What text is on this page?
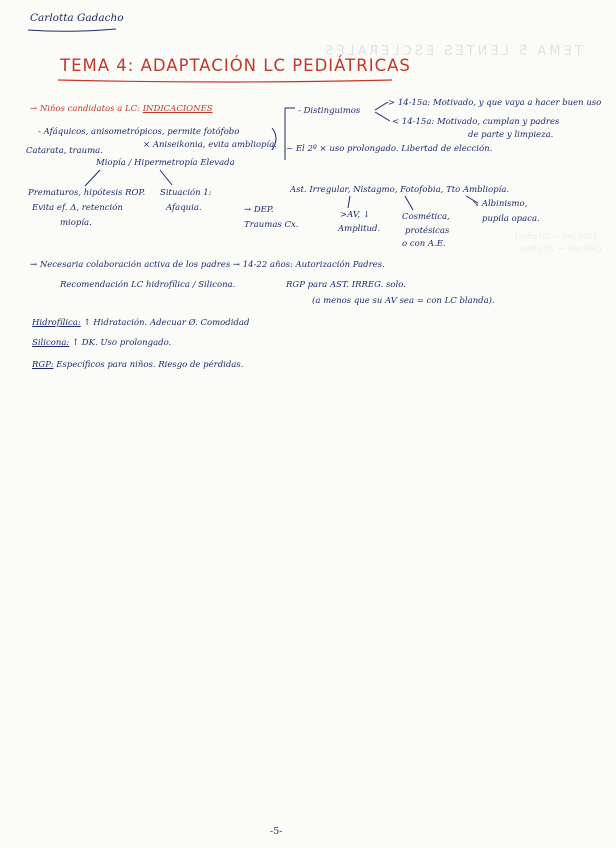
TEMA 5 LENTES ESCLERALES
(300 µm — 20 años)
(300 µm — 20 años)
Carlotta Gadacho
TEMA 4: ADAPTACIÓN LC PEDIÁTRICAS
→ Niños candidatos a LC: INDICACIONES
- Afáquicos, anisometrópicos, permite fotófobo
Catarata, trauma.
× Aniseikonia, evita ambliopía.
Miopía / Hipermetropía Elevada
Prematuros, hipótesis ROP.
Evita ef. Δ, retención
miopía.
Situación 1:
Afaquia.	→ DEP.
Traumas Cx.
Ast. Irregular, Nistagmo, Fotofobia, Tto Ambliopía.
>AV, ↓
Amplitud.
Cosmética,
protésicas
o con A.E.
↘ Albinismo,
pupila opaca.
- Distinguimos
> 14-15a: Motivado, y que vaya a hacer buen uso
< 14-15a: Motivado, cumplan y padres
de parte y limpieza.
~ El 2º × uso prolongado. Libertad de elección.
→ Necesaria colaboración activa de los padres → 14-22 años: Autorización Padres.
Recomendación LC hidrofílica / Silicona.	RGP para AST. IRREG. solo.
(a menos que su AV sea = con LC blanda).
Hidrofílica: ↑ Hidratación. Adecuar Ø. Comodidad
Silicona: ↑ DK. Uso prolongado.
RGP: Específicos para niños. Riesgo de pérdidas.
-5-
